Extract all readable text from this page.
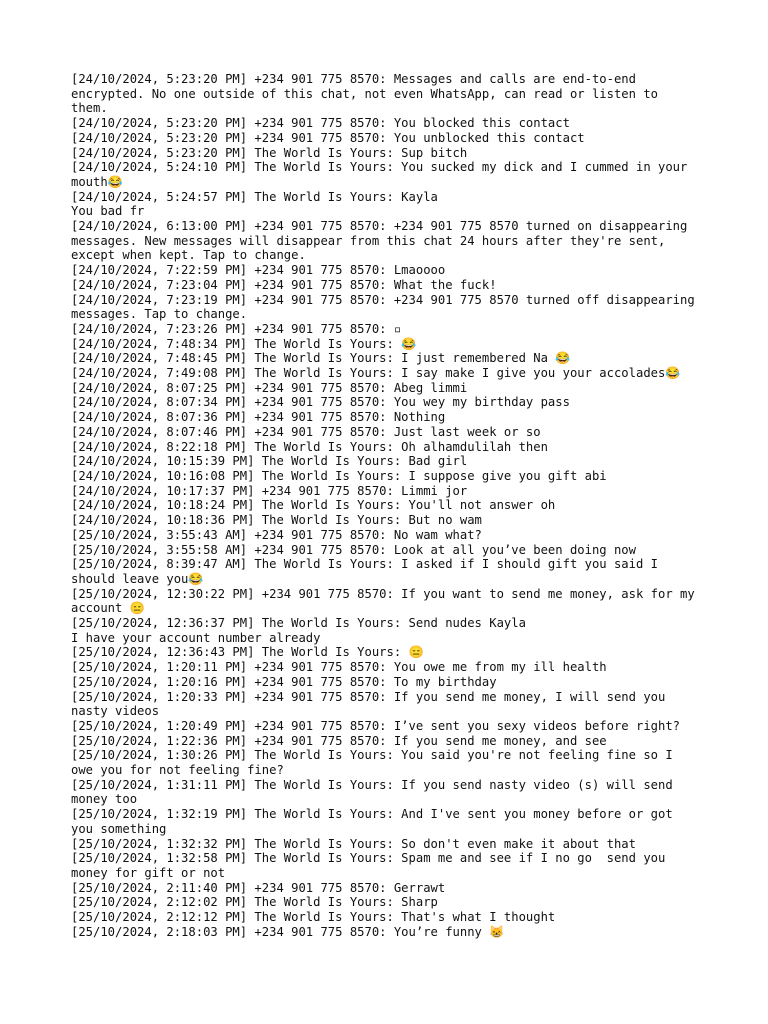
[24/10/2024, 5:23:20 PM] +234 901 775 8570: Messages and calls are end-to-end encrypted. No one outside of this chat, not even WhatsApp, can read or listen to them.

[24/10/2024, 5:23:20 PM] +234 901 775 8570: You blocked this contact

[24/10/2024, 5:23:20 PM] +234 901 775 8570: You unblocked this contact

[24/10/2024, 5:23:20 PM] The World Is Yours: Sup bitch

[24/10/2024, 5:24:10 PM] The World Is Yours: You sucked my dick and I cummed in your mouth😂

[24/10/2024, 5:24:57 PM] The World Is Yours: Kayla
You bad fr

[24/10/2024, 6:13:00 PM] +234 901 775 8570: +234 901 775 8570 turned on disappearing messages. New messages will disappear from this chat 24 hours after they're sent, except when kept. Tap to change.

[24/10/2024, 7:22:59 PM] +234 901 775 8570: Lmaoooo

[24/10/2024, 7:23:04 PM] +234 901 775 8570: What the fuck!

[24/10/2024, 7:23:19 PM] +234 901 775 8570: +234 901 775 8570 turned off disappearing messages. Tap to change.

[24/10/2024, 7:23:26 PM] +234 901 775 8570: ▫

[24/10/2024, 7:48:34 PM] The World Is Yours: 😂

[24/10/2024, 7:48:45 PM] The World Is Yours: I just remembered Na 😂

[24/10/2024, 7:49:08 PM] The World Is Yours: I say make I give you your accolades😂

[24/10/2024, 8:07:25 PM] +234 901 775 8570: Abeg limmi

[24/10/2024, 8:07:34 PM] +234 901 775 8570: You wey my birthday pass

[24/10/2024, 8:07:36 PM] +234 901 775 8570: Nothing

[24/10/2024, 8:07:46 PM] +234 901 775 8570: Just last week or so

[24/10/2024, 8:22:18 PM] The World Is Yours: Oh alhamdulilah then

[24/10/2024, 10:15:39 PM] The World Is Yours: Bad girl

[24/10/2024, 10:16:08 PM] The World Is Yours: I suppose give you gift abi

[24/10/2024, 10:17:37 PM] +234 901 775 8570: Limmi jor

[24/10/2024, 10:18:24 PM] The World Is Yours: You'll not answer oh

[24/10/2024, 10:18:36 PM] The World Is Yours: But no wam

[25/10/2024, 3:55:43 AM] +234 901 775 8570: No wam what?

[25/10/2024, 3:55:58 AM] +234 901 775 8570: Look at all you’ve been doing now

[25/10/2024, 8:39:47 AM] The World Is Yours: I asked if I should gift you said I should leave you😂

[25/10/2024, 12:30:22 PM] +234 901 775 8570: If you want to send me money, ask for my account 😑

[25/10/2024, 12:36:37 PM] The World Is Yours: Send nudes Kayla
I have your account number already

[25/10/2024, 12:36:43 PM] The World Is Yours: 😑

[25/10/2024, 1:20:11 PM] +234 901 775 8570: You owe me from my ill health

[25/10/2024, 1:20:16 PM] +234 901 775 8570: To my birthday

[25/10/2024, 1:20:33 PM] +234 901 775 8570: If you send me money, I will send you nasty videos

[25/10/2024, 1:20:49 PM] +234 901 775 8570: I’ve sent you sexy videos before right?

[25/10/2024, 1:22:36 PM] +234 901 775 8570: If you send me money, and see

[25/10/2024, 1:30:26 PM] The World Is Yours: You said you're not feeling fine so I owe you for not feeling fine?

[25/10/2024, 1:31:11 PM] The World Is Yours: If you send nasty video (s) will send money too

[25/10/2024, 1:32:19 PM] The World Is Yours: And I've sent you money before or got you something

[25/10/2024, 1:32:32 PM] The World Is Yours: So don't even make it about that

[25/10/2024, 1:32:58 PM] The World Is Yours: Spam me and see if I no go  send you money for gift or not

[25/10/2024, 2:11:40 PM] +234 901 775 8570: Gerrawt

[25/10/2024, 2:12:02 PM] The World Is Yours: Sharp

[25/10/2024, 2:12:12 PM] The World Is Yours: That's what I thought

[25/10/2024, 2:18:03 PM] +234 901 775 8570: You’re funny 😸
